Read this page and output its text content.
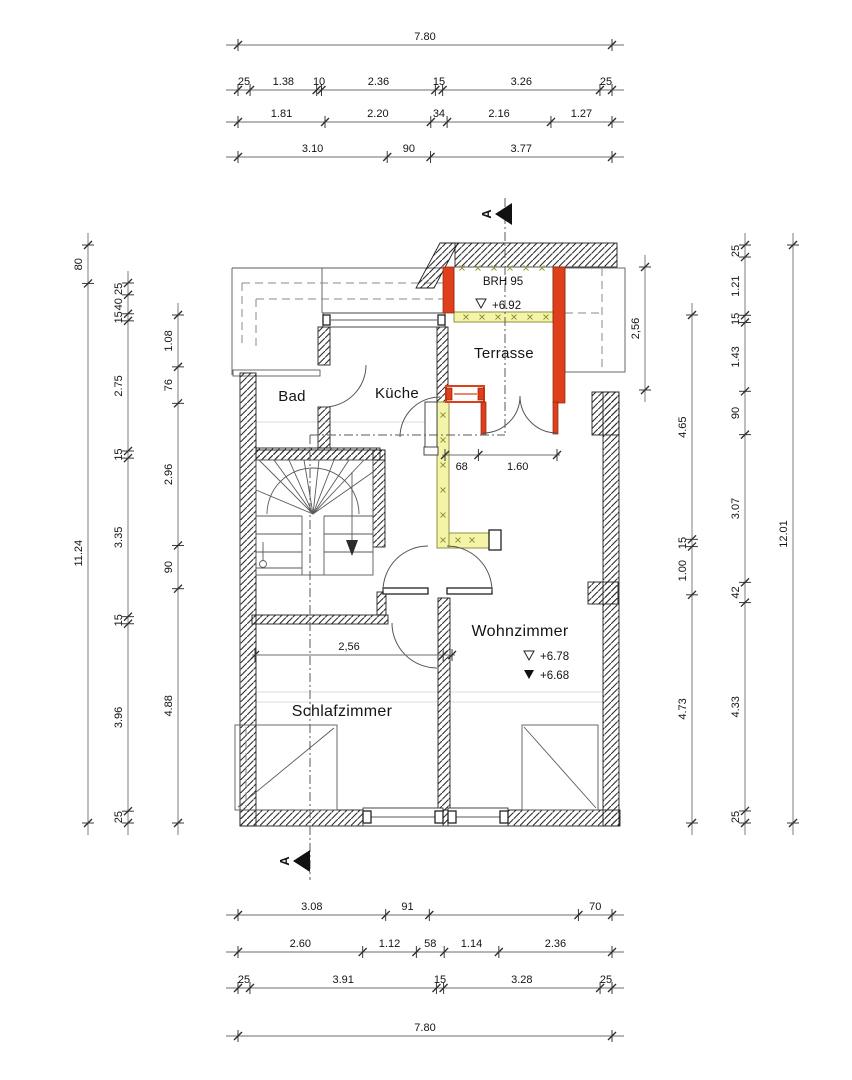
A
A
Bad	Küche
Terrasse
Wohnzimmer
Schlafzimmer
BRH 95
+6.92
+6.78
+6.68
7.80
25 1.38 10	2.36	15	3.26	25
1.81	2.20	34	2.16	1.27
3.10	90	3.77
3.08	91	70
2.60	1.12 58 1.14	2.36
25	3.91	15	3.28	25
7.80
80
11.24
25
40
15
2.75
15
3.35
15
3.96
25
1.08
76
2.96
90
4.88
2,56
4.65
15
1.00
4.73
25
1.21
15
1.43
90
3.07
42
4.33
25
12.01
68	1.60
2,56
